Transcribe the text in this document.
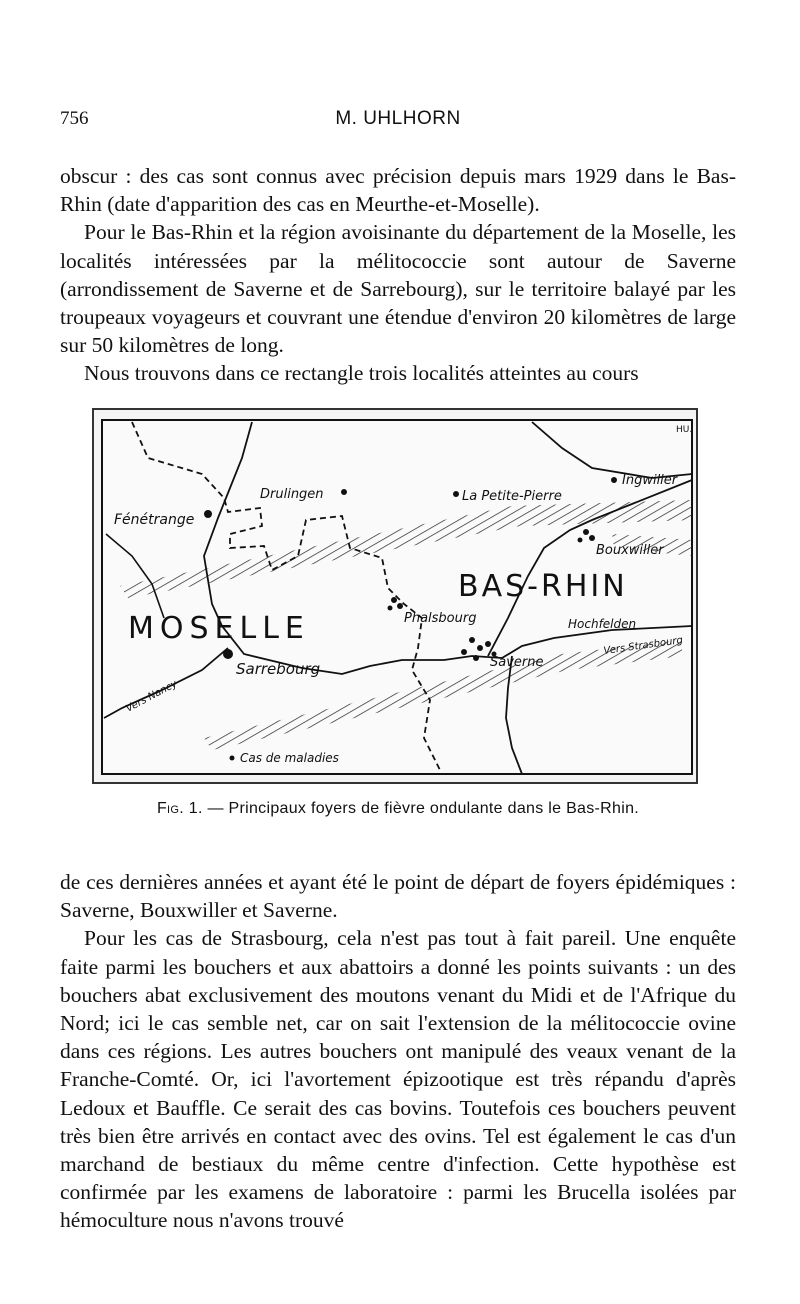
756	M. UHLHORN

obscur : des cas sont connus avec précision depuis mars 1929 dans le Bas-Rhin (date d'apparition des cas en Meurthe-et-Moselle).

Pour le Bas-Rhin et la région avoisinante du département de la Moselle, les localités intéressées par la mélitococcie sont autour de Saverne (arrondissement de Saverne et de Sarrebourg), sur le territoire balayé par les troupeaux voyageurs et couvrant une étendue d'environ 20 kilomètres de large sur 50 kilomètres de long.

Nous trouvons dans ce rectangle trois localités atteintes au cours

HU.
Drulingen	La Petite-Pierre
Ingwiller
Fénétrange
Bouxwiller
BAS-RHIN
MOSELLE	Phalsbourg	Hochfelden
Vers Strasbourg
Sarrebourg	Saverne
Vers Nancy
Cas de maladies
Fig. 1. — Principaux foyers de fièvre ondulante dans le Bas-Rhin.

de ces dernières années et ayant été le point de départ de foyers épidémiques : Saverne, Bouxwiller et Saverne.

Pour les cas de Strasbourg, cela n'est pas tout à fait pareil. Une enquête faite parmi les bouchers et aux abattoirs a donné les points suivants : un des bouchers abat exclusivement des moutons venant du Midi et de l'Afrique du Nord; ici le cas semble net, car on sait l'extension de la mélitococcie ovine dans ces régions. Les autres bouchers ont manipulé des veaux venant de la Franche-Comté. Or, ici l'avortement épizootique est très répandu d'après Ledoux et Bauffle. Ce serait des cas bovins. Toutefois ces bouchers peuvent très bien être arrivés en contact avec des ovins. Tel est également le cas d'un marchand de bestiaux du même centre d'infection. Cette hypothèse est confirmée par les examens de laboratoire : parmi les Brucella isolées par hémoculture nous n'avons trouvé
